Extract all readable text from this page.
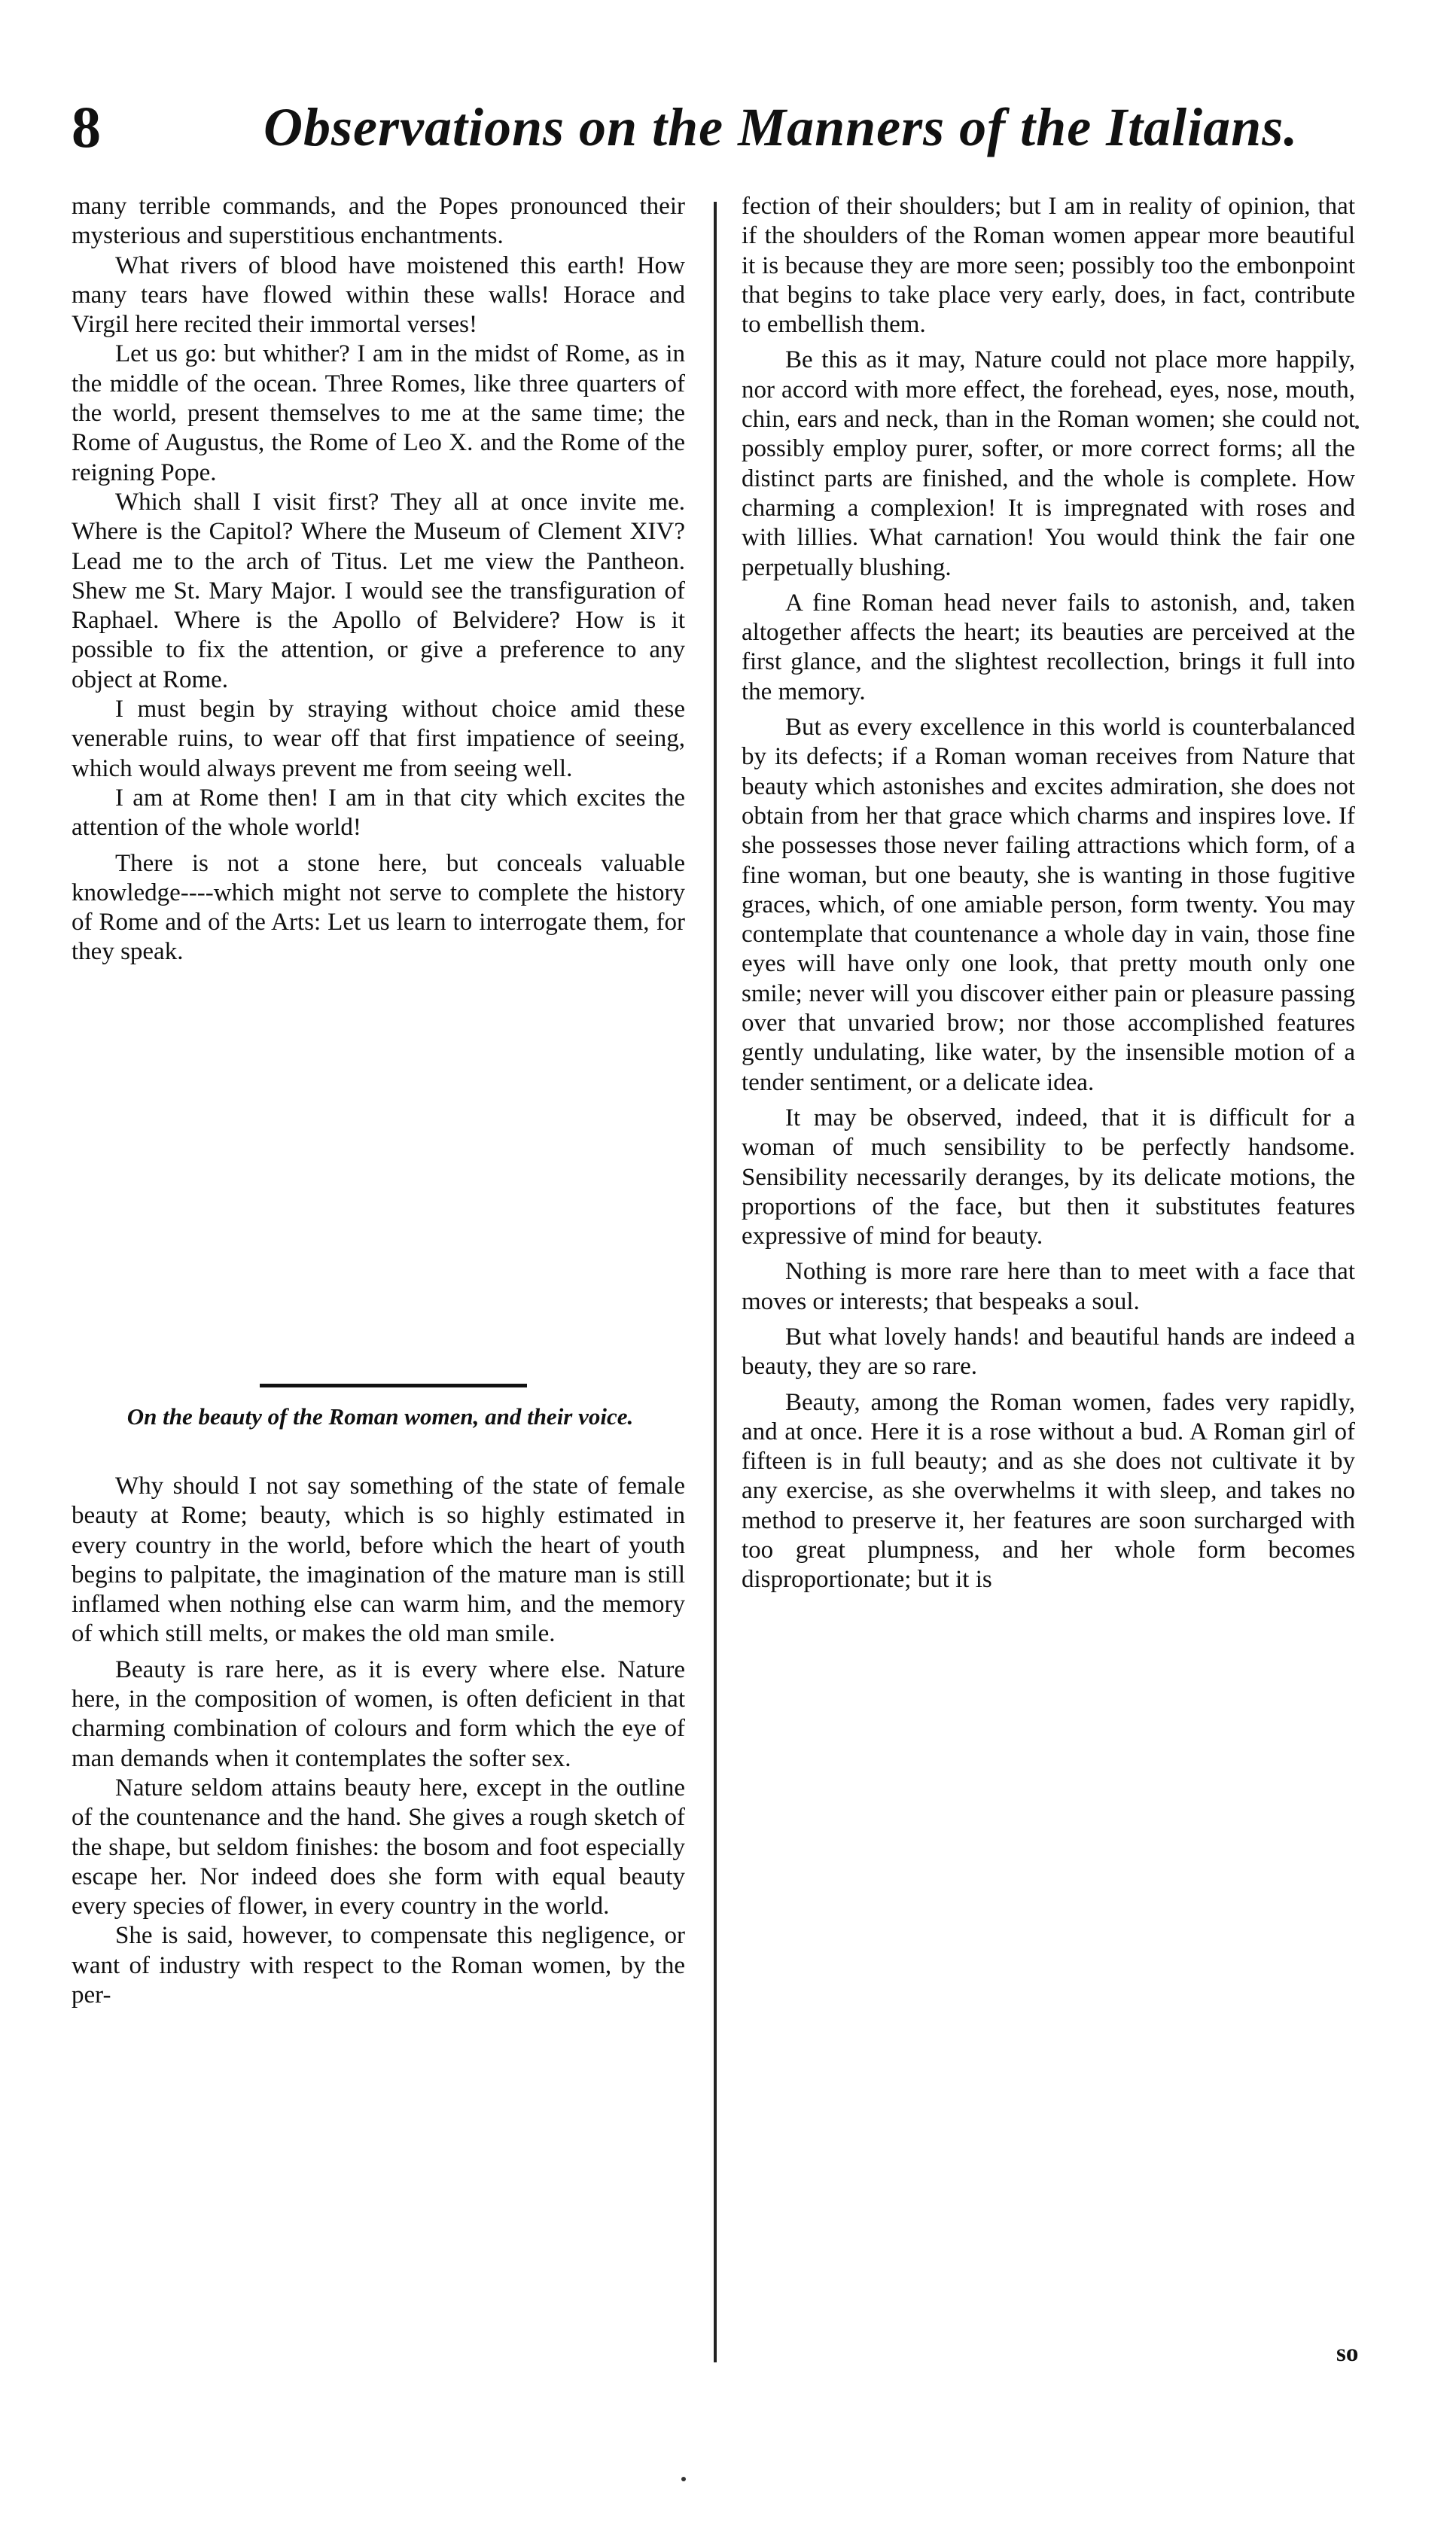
8	Observations on the Manners of the Italians.

many terrible commands, and the Popes pronounced their mysterious and superstitious enchantments.

What rivers of blood have moistened this earth! How many tears have flowed within these walls! Horace and Virgil here recited their immortal verses!

Let us go: but whither? I am in the midst of Rome, as in the middle of the ocean. Three Romes, like three quarters of the world, present themselves to me at the same time; the Rome of Augustus, the Rome of Leo X. and the Rome of the reigning Pope.

Which shall I visit first? They all at once invite me. Where is the Capitol? Where the Museum of Clement XIV? Lead me to the arch of Titus. Let me view the Pantheon. Shew me St. Mary Major. I would see the transfiguration of Raphael. Where is the Apollo of Belvidere? How is it possible to fix the attention, or give a preference to any object at Rome.

I must begin by straying without choice amid these venerable ruins, to wear off that first impatience of seeing, which would always prevent me from seeing well.

I am at Rome then! I am in that city which excites the attention of the whole world!

There is not a stone here, but conceals valuable knowledge----which might not serve to complete the history of Rome and of the Arts: Let us learn to interrogate them, for they speak.

On the beauty of the Roman women, and their voice.

Why should I not say something of the state of female beauty at Rome; beauty, which is so highly estimated in every country in the world, before which the heart of youth begins to palpitate, the imagination of the mature man is still inflamed when nothing else can warm him, and the memory of which still melts, or makes the old man smile.

Beauty is rare here, as it is every where else. Nature here, in the composition of women, is often deficient in that charming combination of colours and form which the eye of man demands when it contemplates the softer sex.

Nature seldom attains beauty here, except in the outline of the countenance and the hand. She gives a rough sketch of the shape, but seldom finishes: the bosom and foot especially escape her. Nor indeed does she form with equal beauty every species of flower, in every country in the world.

She is said, however, to compensate this negligence, or want of industry with respect to the Roman women, by the per-

fection of their shoulders; but I am in reality of opinion, that if the shoulders of the Roman women appear more beautiful it is because they are more seen; possibly too the embonpoint that begins to take place very early, does, in fact, contribute to embellish them.

Be this as it may, Nature could not place more happily, nor accord with more effect, the forehead, eyes, nose, mouth, chin, ears and neck, than in the Roman women; she could not possibly employ purer, softer, or more correct forms; all the distinct parts are finished, and the whole is complete. How charming a complexion! It is impregnated with roses and with lillies. What carnation! You would think the fair one perpetually blushing.

A fine Roman head never fails to astonish, and, taken altogether affects the heart; its beauties are perceived at the first glance, and the slightest recollection, brings it full into the memory.

But as every excellence in this world is counterbalanced by its defects; if a Roman woman receives from Nature that beauty which astonishes and excites admiration, she does not obtain from her that grace which charms and inspires love. If she possesses those never failing attractions which form, of a fine woman, but one beauty, she is wanting in those fugitive graces, which, of one amiable person, form twenty. You may contemplate that countenance a whole day in vain, those fine eyes will have only one look, that pretty mouth only one smile; never will you discover either pain or pleasure passing over that unvaried brow; nor those accomplished features gently undulating, like water, by the insensible motion of a tender sentiment, or a delicate idea.

It may be observed, indeed, that it is difficult for a woman of much sensibility to be perfectly handsome. Sensibility necessarily deranges, by its delicate motions, the proportions of the face, but then it substitutes features expressive of mind for beauty.

Nothing is more rare here than to meet with a face that moves or interests; that bespeaks a soul.

But what lovely hands! and beautiful hands are indeed a beauty, they are so rare.

Beauty, among the Roman women, fades very rapidly, and at once. Here it is a rose without a bud. A Roman girl of fifteen is in full beauty; and as she does not cultivate it by any exercise, as she overwhelms it with sleep, and takes no method to preserve it, her features are soon surcharged with too great plumpness, and her whole form becomes disproportionate; but it is

so
